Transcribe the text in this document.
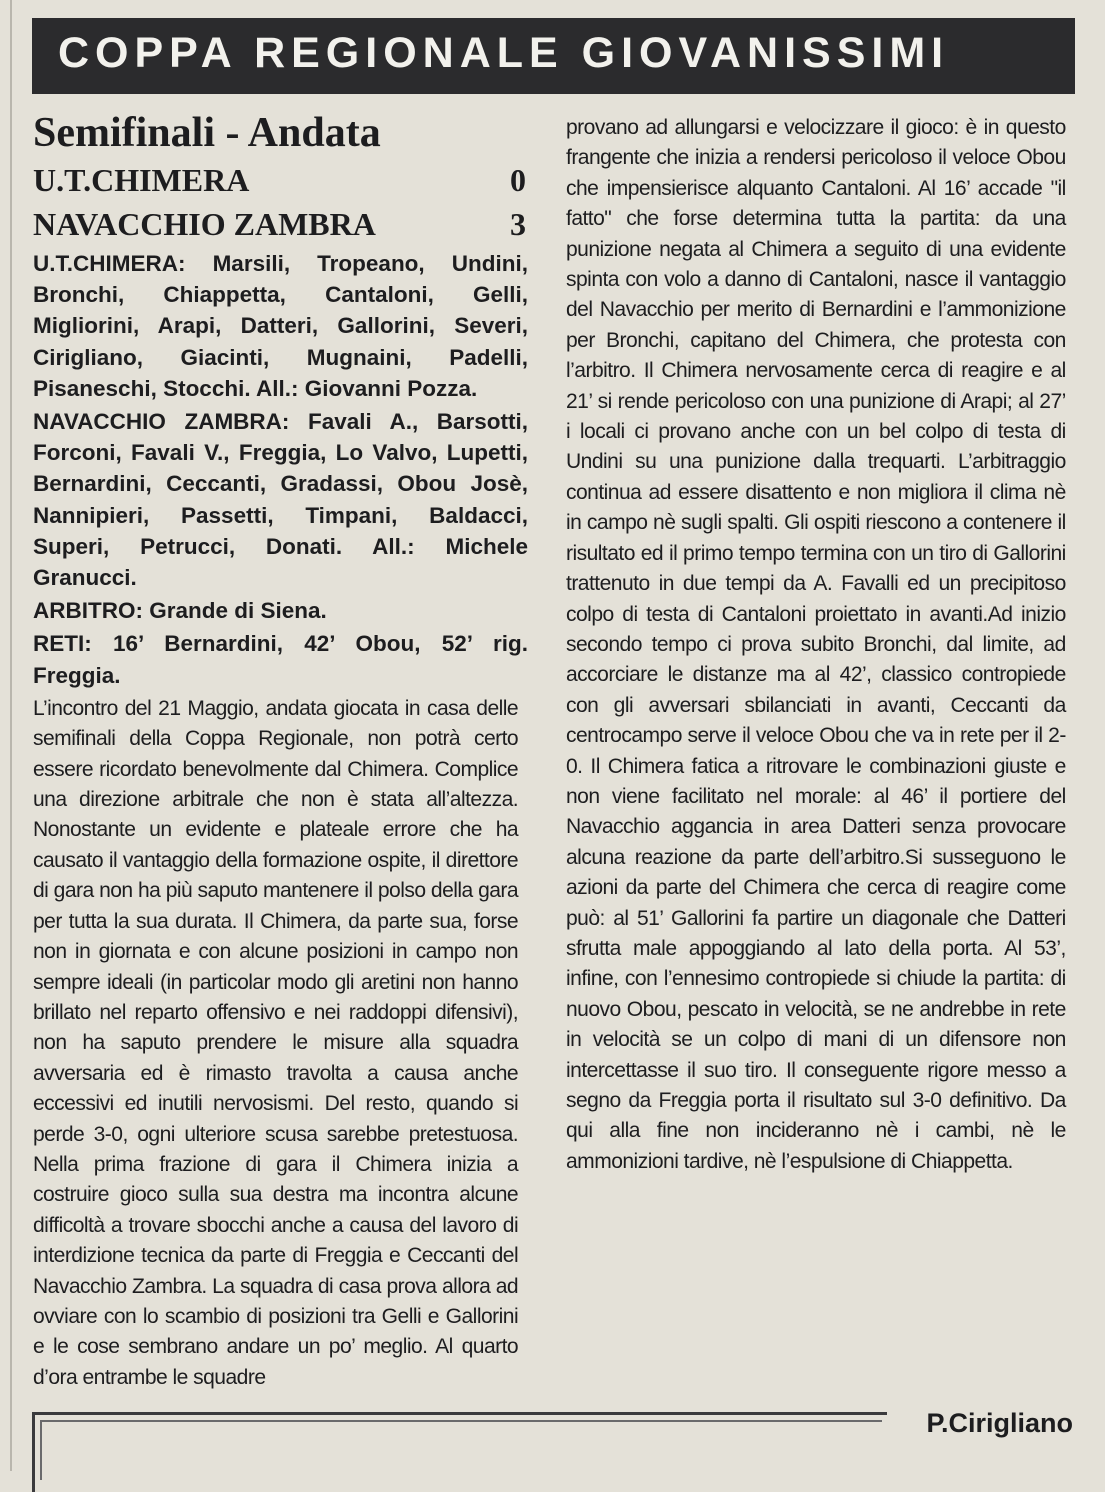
COPPA REGIONALE GIOVANISSIMI
Semifinali - Andata
U.T.CHIMERA	0
NAVACCHIO ZAMBRA	3

U.T.CHIMERA: Marsili, Tropeano, Undini, Bronchi, Chiappetta, Cantaloni, Gelli, Migliorini, Arapi, Datteri, Gallorini, Severi, Cirigliano, Giacinti, Mugnaini, Padelli, Pisaneschi, Stocchi. All.: Giovanni Pozza.

NAVACCHIO ZAMBRA: Favali A., Barsotti, Forconi, Favali V., Freggia, Lo Valvo, Lupetti, Bernardini, Ceccanti, Gradassi, Obou Josè, Nannipieri, Passetti, Timpani, Baldacci, Superi, Petrucci, Donati. All.: Michele Granucci.

ARBITRO: Grande di Siena.

RETI: 16’ Bernardini, 42’ Obou, 52’ rig. Freggia.

L’incontro del 21 Maggio, andata giocata in casa delle semifinali della Coppa Regionale, non potrà certo essere ricordato benevolmente dal Chimera. Complice una direzione arbitrale che non è stata all’altezza. Nonostante un evidente e plateale errore che ha causato il vantaggio della formazione ospite, il direttore di gara non ha più saputo mantenere il polso della gara per tutta la sua durata. Il Chimera, da parte sua, forse non in giornata e con alcune posizioni in campo non sempre ideali (in particolar modo gli aretini non hanno brillato nel reparto offensivo e nei raddoppi difensivi), non ha saputo prendere le misure alla squadra avversaria ed è rimasto travolta a causa anche eccessivi ed inutili nervosismi. Del resto, quando si perde 3-0, ogni ulteriore scusa sarebbe pretestuosa. Nella prima frazione di gara il Chimera inizia a costruire gioco sulla sua destra ma incontra alcune difficoltà a trovare sbocchi anche a causa del lavoro di interdizione tecnica da parte di Freggia e Ceccanti del Navacchio Zambra. La squadra di casa prova allora ad ovviare con lo scambio di posizioni tra Gelli e Gallorini e le cose sembrano andare un po’ meglio. Al quarto d’ora entrambe le squadre

provano ad allungarsi e velocizzare il gioco: è in questo frangente che inizia a rendersi pericoloso il veloce Obou che impensierisce alquanto Cantaloni. Al 16’ accade "il fatto" che forse determina tutta la partita: da una punizione negata al Chimera a seguito di una evidente spinta con volo a danno di Cantaloni, nasce il vantaggio del Navacchio per merito di Bernardini e l’ammonizione per Bronchi, capitano del Chimera, che protesta con l’arbitro. Il Chimera nervosamente cerca di reagire e al 21’ si rende pericoloso con una punizione di Arapi; al 27’ i locali ci provano anche con un bel colpo di testa di Undini su una punizione dalla trequarti. L’arbitraggio continua ad essere disattento e non migliora il clima nè in campo nè sugli spalti. Gli ospiti riescono a contenere il risultato ed il primo tempo termina con un tiro di Gallorini trattenuto in due tempi da A. Favalli ed un precipitoso colpo di testa di Cantaloni proiettato in avanti.Ad inizio secondo tempo ci prova subito Bronchi, dal limite, ad accorciare le distanze ma al 42’, classico contropiede con gli avversari sbilanciati in avanti, Ceccanti da centrocampo serve il veloce Obou che va in rete per il 2-0. Il Chimera fatica a ritrovare le combinazioni giuste e non viene facilitato nel morale: al 46’ il portiere del Navacchio aggancia in area Datteri senza provocare alcuna reazione da parte dell’arbitro.Si susseguono le azioni da parte del Chimera che cerca di reagire come può: al 51’ Gallorini fa partire un diagonale che Datteri sfrutta male appoggiando al lato della porta. Al 53’, infine, con l’ennesimo contropiede si chiude la partita: di nuovo Obou, pescato in velocità, se ne andrebbe in rete in velocità se un colpo di mani di un difensore non intercettasse il suo tiro. Il conseguente rigore messo a segno da Freggia porta il risultato sul 3-0 definitivo. Da qui alla fine non incideranno nè i cambi, nè le ammonizioni tardive, nè l’espulsione di Chiappetta.

P.Cirigliano
